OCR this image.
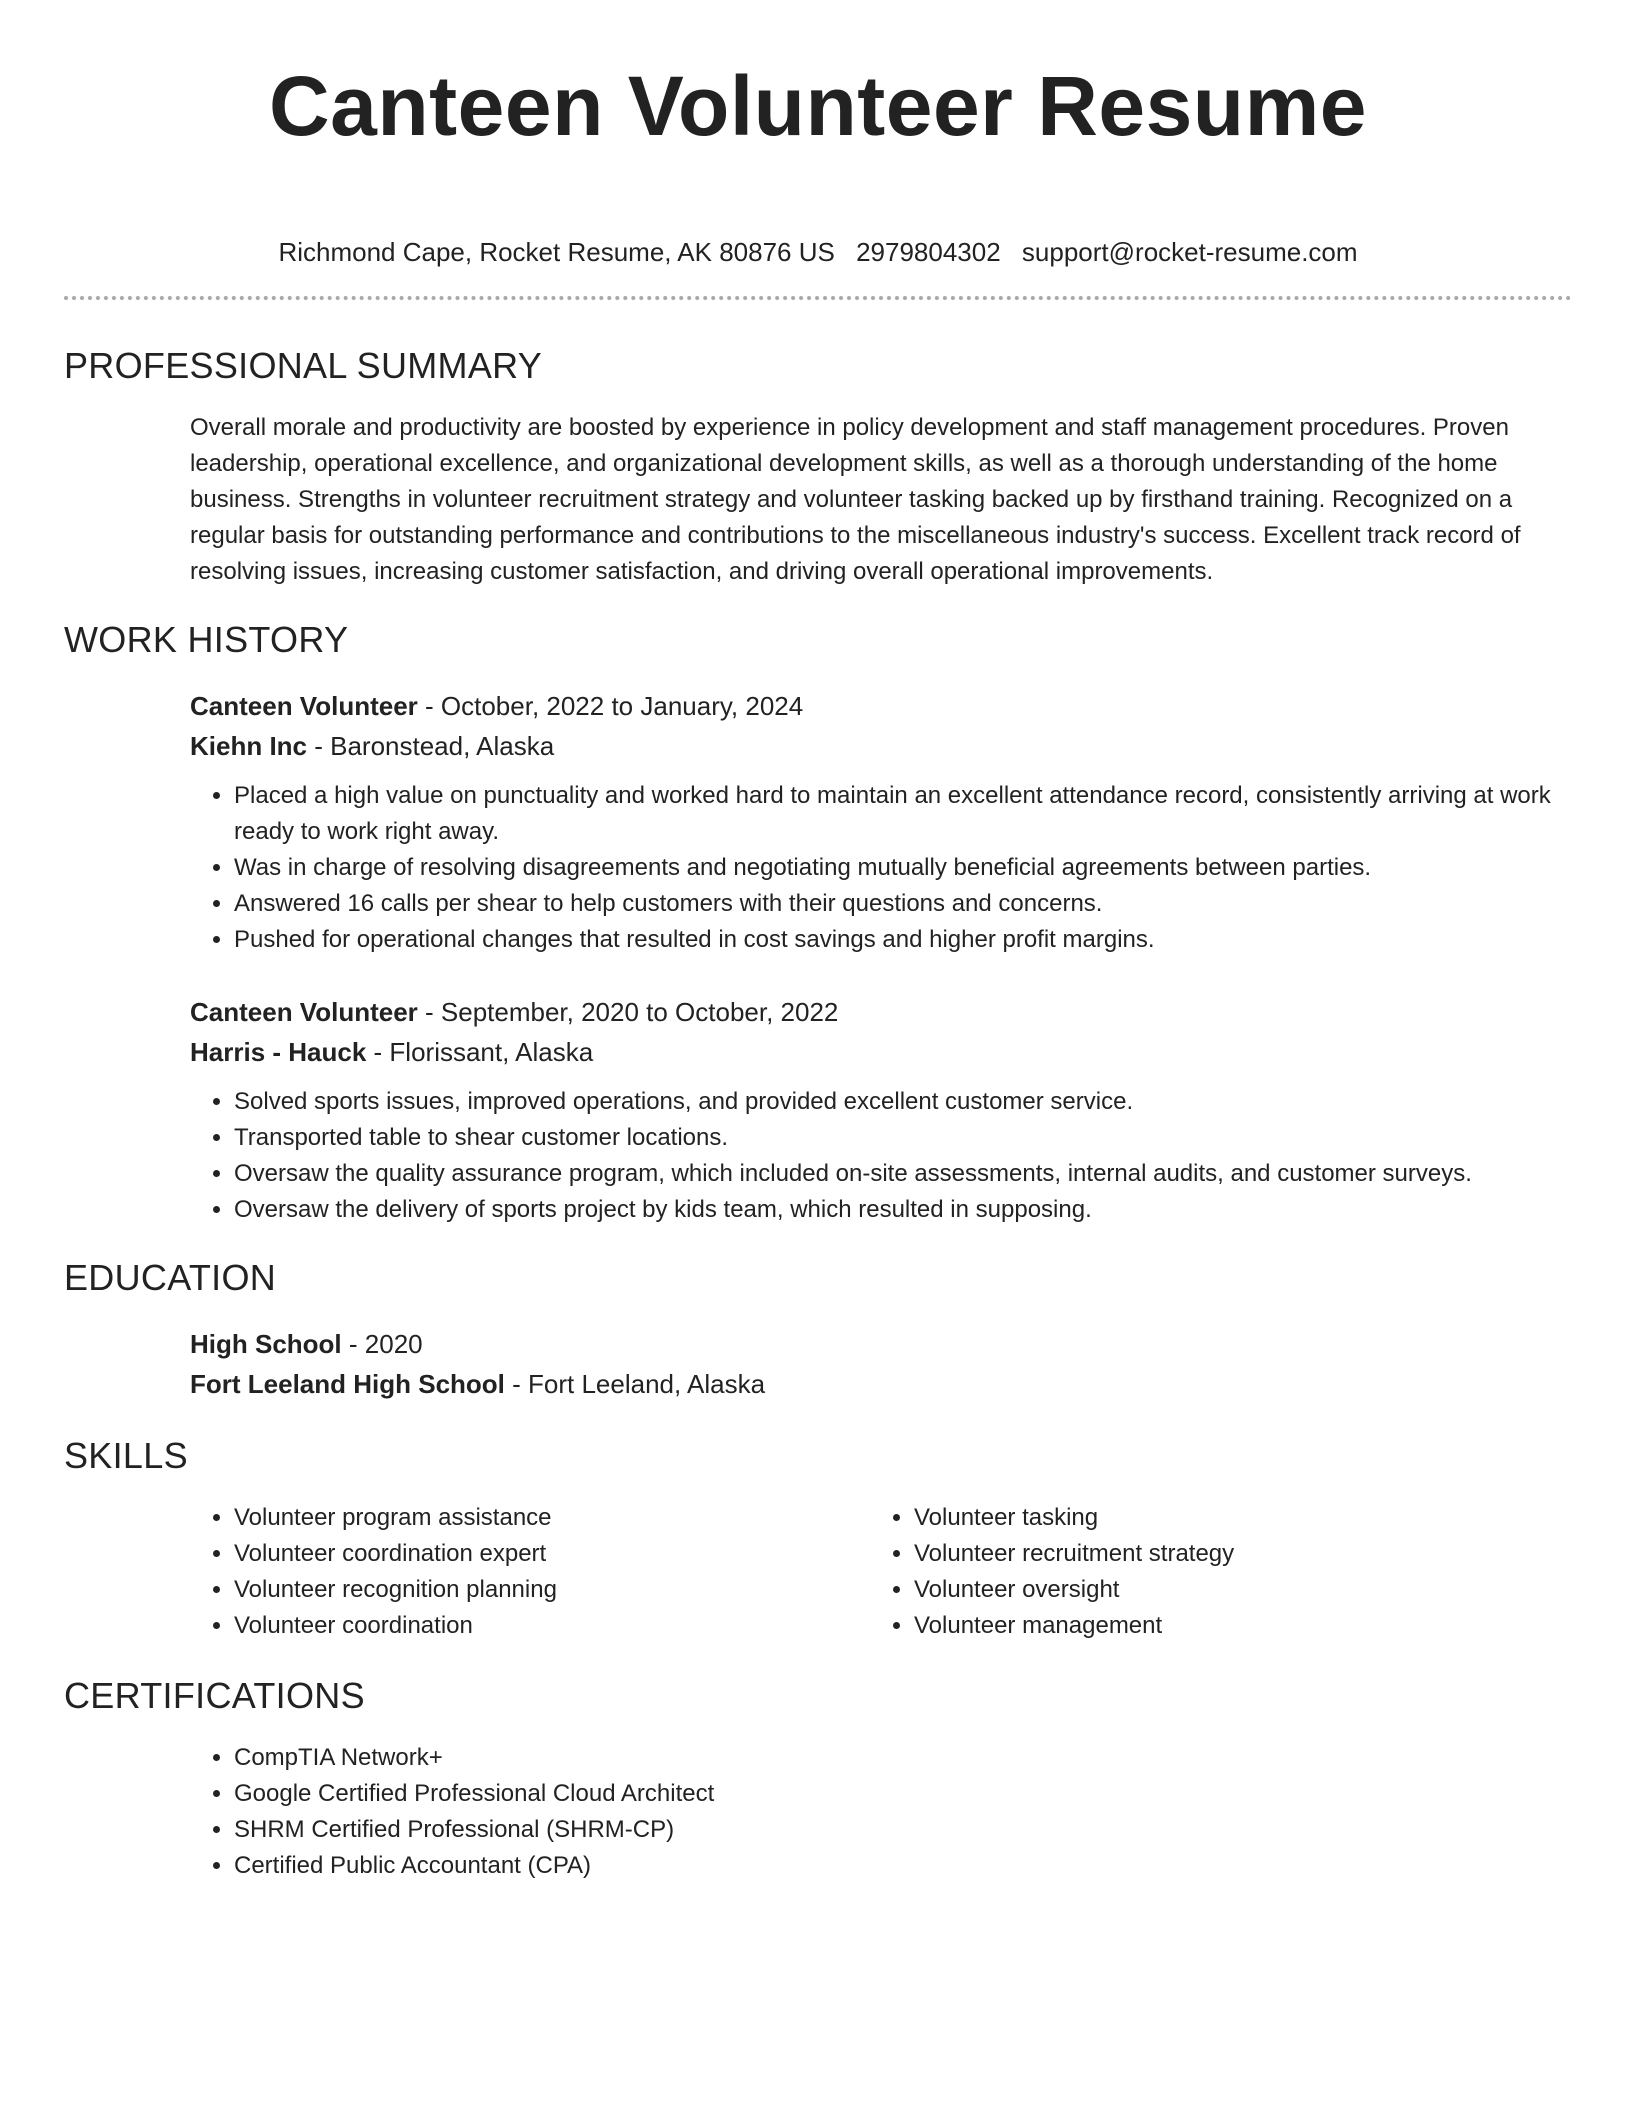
Canteen Volunteer Resume
Richmond Cape, Rocket Resume, AK 80876 US 2979804302 support@rocket-resume.com
PROFESSIONAL SUMMARY
Overall morale and productivity are boosted by experience in policy development and staff management procedures. Proven leadership, operational excellence, and organizational development skills, as well as a thorough understanding of the home business. Strengths in volunteer recruitment strategy and volunteer tasking backed up by firsthand training. Recognized on a regular basis for outstanding performance and contributions to the miscellaneous industry's success. Excellent track record of resolving issues, increasing customer satisfaction, and driving overall operational improvements.
WORK HISTORY
Canteen Volunteer - October, 2022 to January, 2024
Kiehn Inc - Baronstead, Alaska
• Placed a high value on punctuality and worked hard to maintain an excellent attendance record, consistently arriving at work ready to work right away.
• Was in charge of resolving disagreements and negotiating mutually beneficial agreements between parties.
• Answered 16 calls per shear to help customers with their questions and concerns.
• Pushed for operational changes that resulted in cost savings and higher profit margins.
Canteen Volunteer - September, 2020 to October, 2022
Harris - Hauck - Florissant, Alaska
• Solved sports issues, improved operations, and provided excellent customer service.
• Transported table to shear customer locations.
• Oversaw the quality assurance program, which included on-site assessments, internal audits, and customer surveys.
• Oversaw the delivery of sports project by kids team, which resulted in supposing.
EDUCATION
High School - 2020
Fort Leeland High School - Fort Leeland, Alaska
SKILLS
• Volunteer program assistance
• Volunteer coordination expert
• Volunteer recognition planning
• Volunteer coordination
• Volunteer tasking
• Volunteer recruitment strategy
• Volunteer oversight
• Volunteer management
CERTIFICATIONS
• CompTIA Network+
• Google Certified Professional Cloud Architect
• SHRM Certified Professional (SHRM-CP)
• Certified Public Accountant (CPA)
